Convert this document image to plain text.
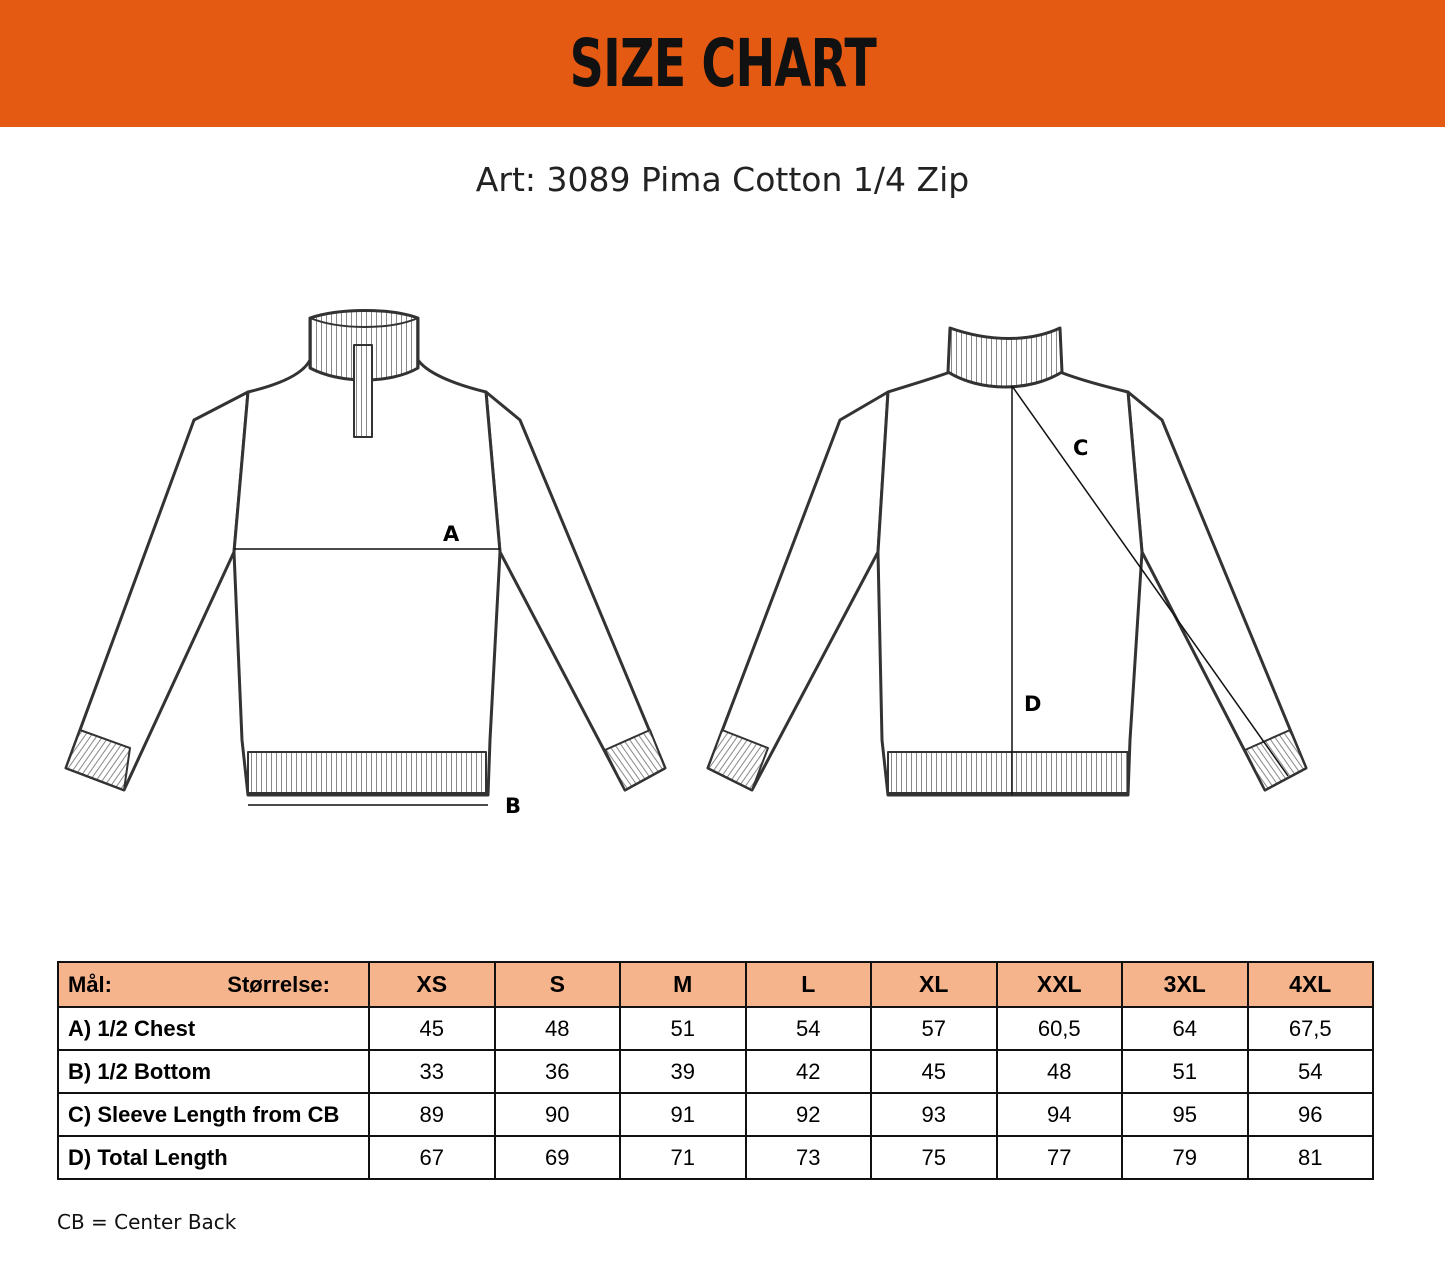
SIZE CHART
Art: 3089 Pima Cotton 1/4 Zip
A
B
C
D
Mål: Størrelse:	XS	S	M	L	XL	XXL	3XL	4XL
A) 1/2 Chest	45	48	51	54	57	60,5	64	67,5
B) 1/2 Bottom	33	36	39	42	45	48	51	54
C) Sleeve Length from CB	89	90	91	92	93	94	95	96
D) Total Length	67	69	71	73	75	77	79	81
CB = Center Back
